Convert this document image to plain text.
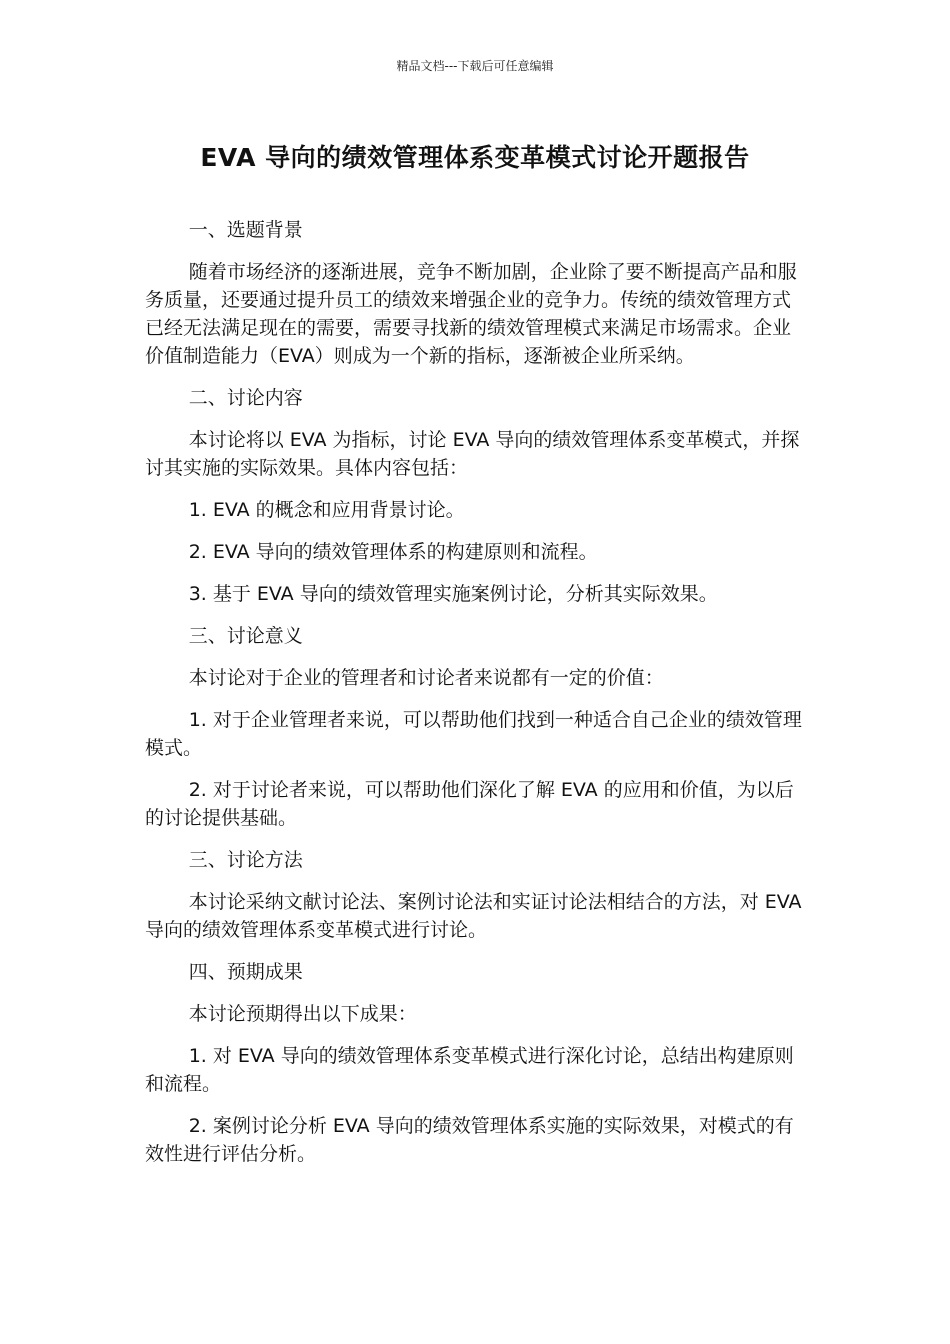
精品文档---下载后可任意编辑
EVA 导向的绩效管理体系变革模式讨论开题报告

一、选题背景

随着市场经济的逐渐进展，竞争不断加剧，企业除了要不断提高产品和服务质量，还要通过提升员工的绩效来增强企业的竞争力。传统的绩效管理方式已经无法满足现在的需要，需要寻找新的绩效管理模式来满足市场需求。企业价值制造能力（EVA）则成为一个新的指标，逐渐被企业所采纳。

二、讨论内容

本讨论将以 EVA 为指标，讨论 EVA 导向的绩效管理体系变革模式，并探讨其实施的实际效果。具体内容包括：

1. EVA 的概念和应用背景讨论。

2. EVA 导向的绩效管理体系的构建原则和流程。

3. 基于 EVA 导向的绩效管理实施案例讨论，分析其实际效果。

三、讨论意义

本讨论对于企业的管理者和讨论者来说都有一定的价值：

1. 对于企业管理者来说，可以帮助他们找到一种适合自己企业的绩效管理模式。

2. 对于讨论者来说，可以帮助他们深化了解 EVA 的应用和价值，为以后的讨论提供基础。

三、讨论方法

本讨论采纳文献讨论法、案例讨论法和实证讨论法相结合的方法，对 EVA 导向的绩效管理体系变革模式进行讨论。

四、预期成果

本讨论预期得出以下成果：

1. 对 EVA 导向的绩效管理体系变革模式进行深化讨论，总结出构建原则和流程。

2. 案例讨论分析 EVA 导向的绩效管理体系实施的实际效果，对模式的有效性进行评估分析。
